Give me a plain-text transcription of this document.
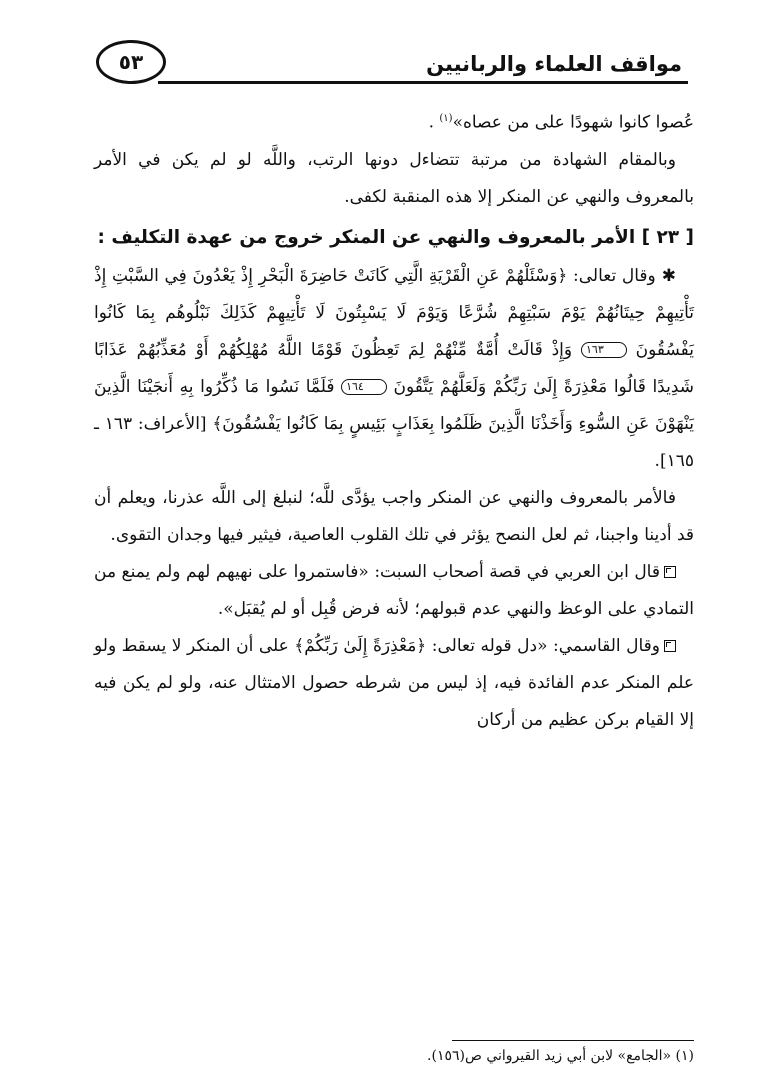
٥٣	مواقف العلماء والربانيين

عُصوا كانوا شهودًا على من عصاه»$^{(١)}$ .

وبالمقام الشهادة من مرتبة تتضاءل دونها الرتب، واللَّه لو لم يكن في الأمر بالمعروف والنهي عن المنكر إلا هذه المنقبة لكفى.

[ ٢٣ ] الأمر بالمعروف والنهي عن المنكر خروج من عهدة التكليف :

✱وقال تعالى: ﴿وَسْئَلْهُمْ عَنِ الْقَرْيَةِ الَّتِي كَانَتْ حَاضِرَةَ الْبَحْرِ إِذْ يَعْدُونَ فِي السَّبْتِ إِذْ تَأْتِيهِمْ حِيتَانُهُمْ يَوْمَ سَبْتِهِمْ شُرَّعًا وَيَوْمَ لَا يَسْبِتُونَ لَا تَأْتِيهِمْ كَذَلِكَ نَبْلُوهُم بِمَا كَانُوا يَفْسُقُونَ ١٦٣ وَإِذْ قَالَتْ أُمَّةٌ مِّنْهُمْ لِمَ تَعِظُونَ قَوْمًا اللَّهُ مُهْلِكُهُمْ أَوْ مُعَذِّبُهُمْ عَذَابًا شَدِيدًا قَالُوا مَعْذِرَةً إِلَىٰ رَبِّكُمْ وَلَعَلَّهُمْ يَتَّقُونَ ١٦٤ فَلَمَّا نَسُوا مَا ذُكِّرُوا بِهِ أَنجَيْنَا الَّذِينَ يَنْهَوْنَ عَنِ السُّوءِ وَأَخَذْنَا الَّذِينَ ظَلَمُوا بِعَذَابٍ بَئِيسٍ بِمَا كَانُوا يَفْسُقُونَ﴾ [الأعراف: ١٦٣ ـ ١٦٥].

فالأمر بالمعروف والنهي عن المنكر واجب يؤدَّى للَّه؛ لنبلغ إلى اللَّه عذرنا، ويعلم أن قد أدينا واجبنا، ثم لعل النصح يؤثر في تلك القلوب العاصية، فيثير فيها وجدان التقوى.

قال ابن العربي في قصة أصحاب السبت: «فاستمروا على نهيهم لهم ولم يمنع من التمادي على الوعظ والنهي عدم قبولهم؛ لأنه فرض قُبِل أو لم يُقبَل».

وقال القاسمي: «دل قوله تعالى: ﴿مَعْذِرَةً إِلَىٰ رَبِّكُمْ﴾ على أن المنكر لا يسقط ولو علم المنكر عدم الفائدة فيه، إذ ليس من شرطه حصول الامتثال عنه، ولو لم يكن فيه إلا القيام بركن عظيم من أركان

(١) «الجامع» لابن أبي زيد القيرواني ص(١٥٦).
